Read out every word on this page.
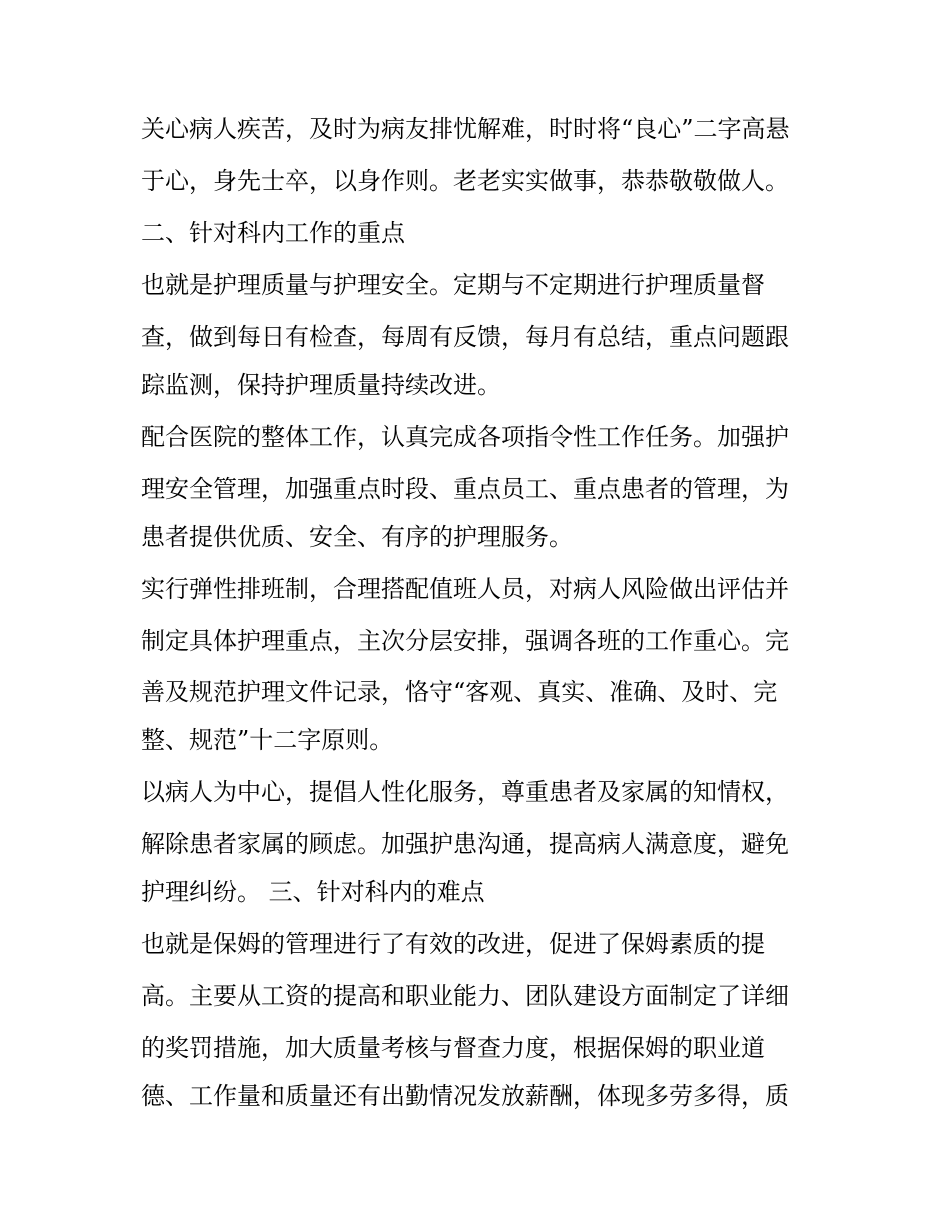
关心病人疾苦，及时为病友排忧解难，时时将“良心”二字高悬
于心，身先士卒，以身作则。老老实实做事，恭恭敬敬做人。
二、针对科内工作的重点
也就是护理质量与护理安全。定期与不定期进行护理质量督
查，做到每日有检查，每周有反馈，每月有总结，重点问题跟
踪监测，保持护理质量持续改进。
配合医院的整体工作，认真完成各项指令性工作任务。加强护
理安全管理，加强重点时段、重点员工、重点患者的管理，为
患者提供优质、安全、有序的护理服务。
实行弹性排班制，合理搭配值班人员，对病人风险做出评估并
制定具体护理重点，主次分层安排，强调各班的工作重心。完
善及规范护理文件记录，恪守“客观、真实、准确、及时、完
整、规范”十二字原则。
以病人为中心，提倡人性化服务，尊重患者及家属的知情权，
解除患者家属的顾虑。加强护患沟通，提高病人满意度，避免
护理纠纷。 三、针对科内的难点
也就是保姆的管理进行了有效的改进，促进了保姆素质的提
高。主要从工资的提高和职业能力、团队建设方面制定了详细
的奖罚措施，加大质量考核与督查力度，根据保姆的职业道
德、工作量和质量还有出勤情况发放薪酬，体现多劳多得，质
